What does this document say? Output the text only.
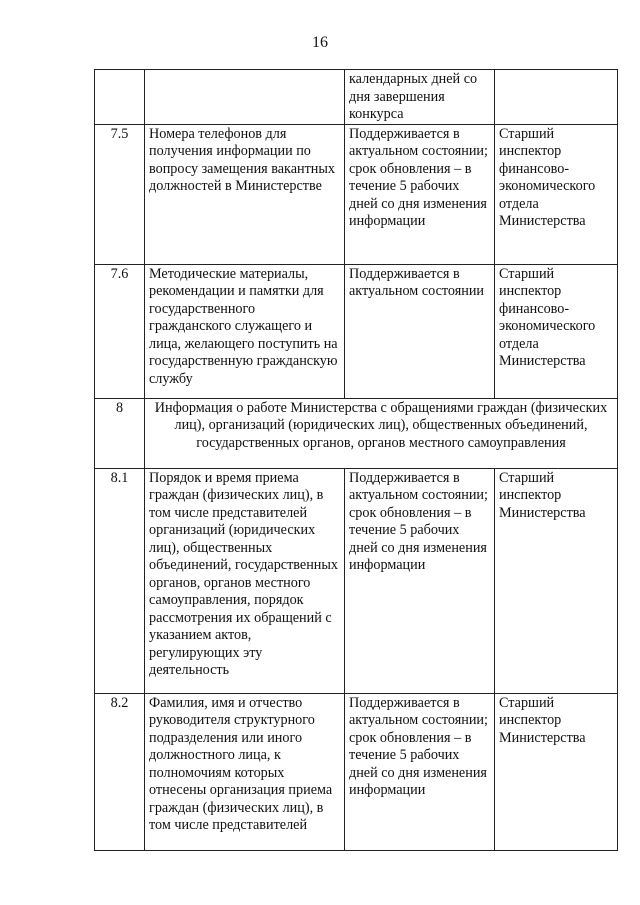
16
		календарных дней со дня завершения конкурса	
7.5	Номера телефонов для получения информации по вопросу замещения вакантных должностей в Министерстве	Поддерживается в актуальном состоянии; срок обновления – в течение 5 рабочих дней со дня изменения информации	Старший инспектор финансово-экономического отдела Министерства
7.6	Методические материалы, рекомендации и памятки для государственного гражданского служащего и лица, желающего поступить на государственную гражданскую службу	Поддерживается в актуальном состоянии	Старший инспектор финансово-экономического отдела Министерства
8	Информация о работе Министерства с обращениями граждан (физических лиц), организаций (юридических лиц), общественных объединений, государственных органов, органов местного самоуправления		
8.1	Порядок и время приема граждан (физических лиц), в том числе представителей организаций (юридических лиц), общественных объединений, государственных органов, органов местного самоуправления, порядок рассмотрения их обращений с указанием актов, регулирующих эту деятельность	Поддерживается в актуальном состоянии; срок обновления – в течение 5 рабочих дней со дня изменения информации	Старший инспектор Министерства
8.2	Фамилия, имя и отчество руководителя структурного подразделения или иного должностного лица, к полномочиям которых отнесены организация приема граждан (физических лиц), в том числе представителей	Поддерживается в актуальном состоянии; срок обновления – в течение 5 рабочих дней со дня изменения информации	Старший инспектор Министерства
